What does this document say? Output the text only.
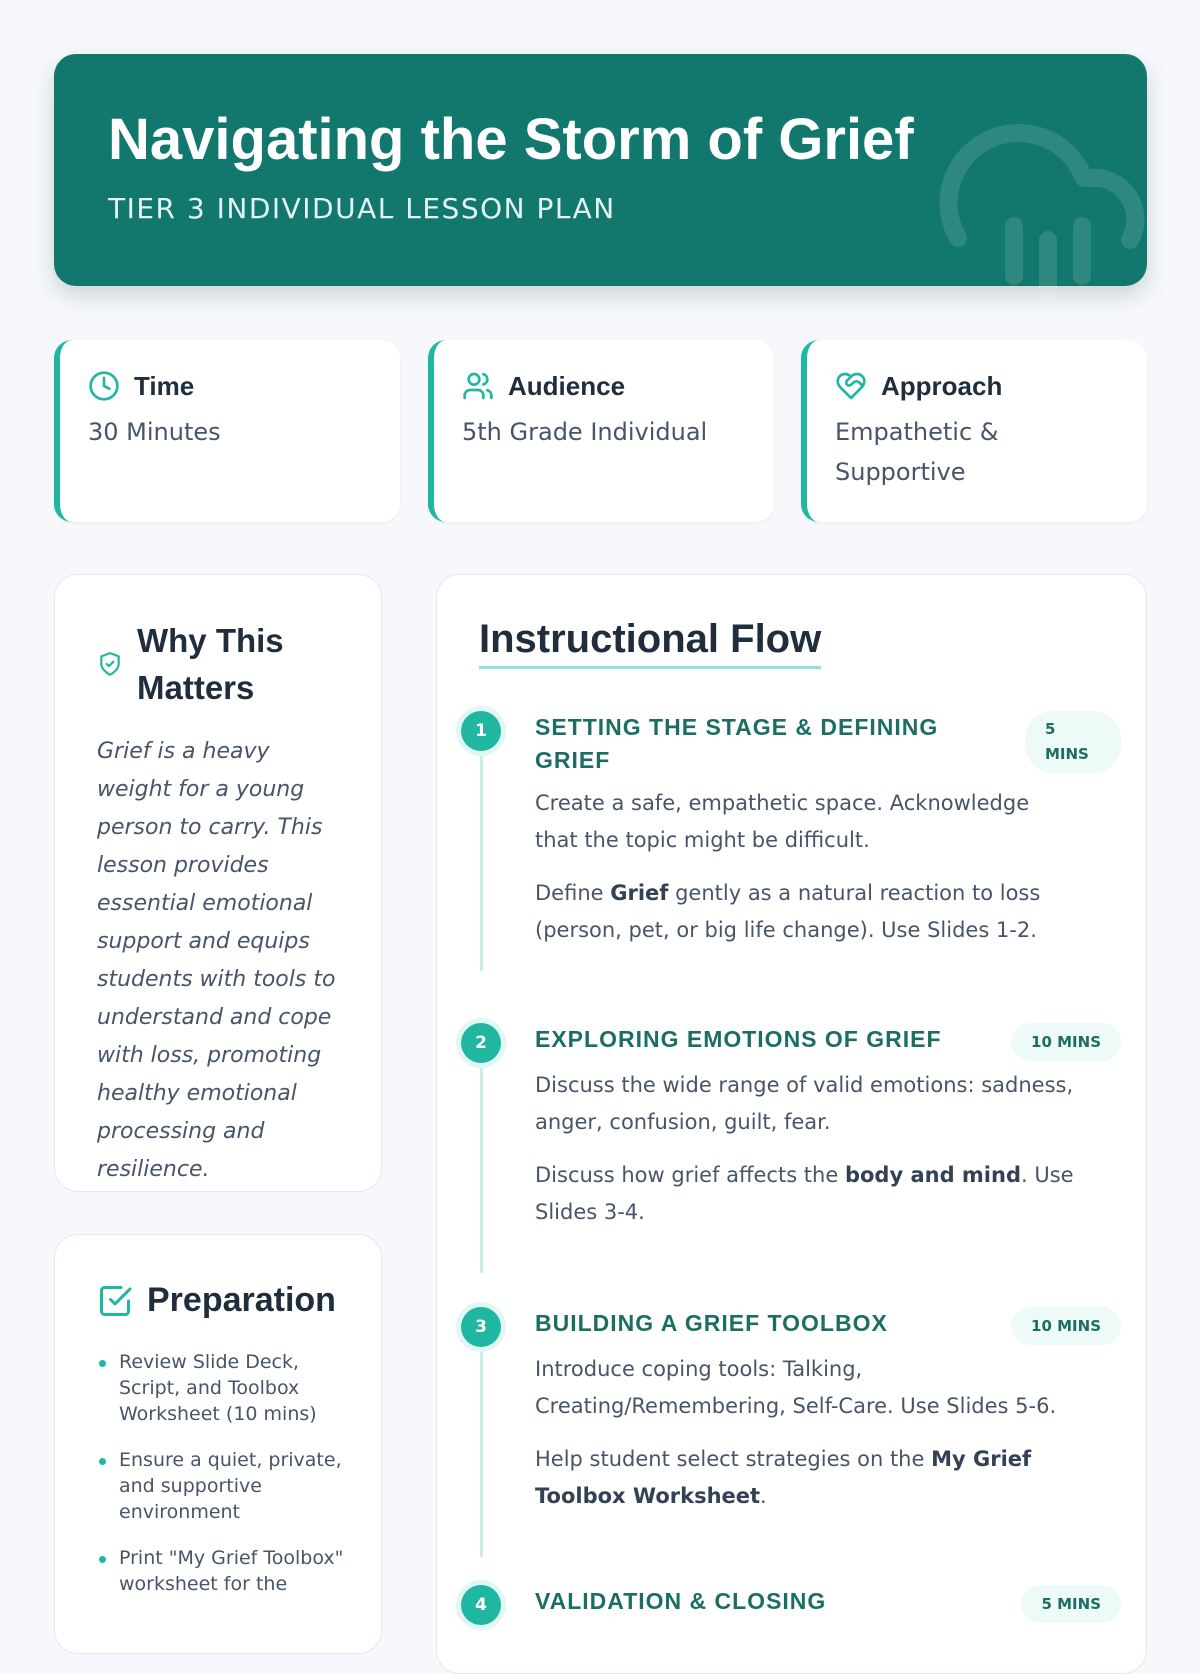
Navigating the Storm of Grief
TIER 3 INDIVIDUAL LESSON PLAN
Time
30 Minutes
Audience
5th Grade Individual
Approach
Empathetic & Supportive
Why This Matters

Grief is a heavy weight for a young person to carry. This lesson provides essential emotional support and equips students with tools to understand and cope with loss, promoting healthy emotional processing and resilience.

Preparation
Review Slide Deck, Script, and Toolbox Worksheet (10 mins)
Ensure a quiet, private, and supportive environment
Print "My Grief Toolbox" worksheet for the
Instructional Flow
1	SETTING THE STAGE & DEFINING GRIEF
5 MINS

Create a safe, empathetic space. Acknowledge that the topic might be difficult.

Define Grief gently as a natural reaction to loss (person, pet, or big life change). Use Slides 1-2.

2	EXPLORING EMOTIONS OF GRIEF	10 MINS

Discuss the wide range of valid emotions: sadness, anger, confusion, guilt, fear.

Discuss how grief affects the body and mind. Use Slides 3-4.

3	BUILDING A GRIEF TOOLBOX	10 MINS

Introduce coping tools: Talking, Creating/Remembering, Self-Care. Use Slides 5-6.

Help student select strategies on the My Grief Toolbox Worksheet.

4	VALIDATION & CLOSING	5 MINS
